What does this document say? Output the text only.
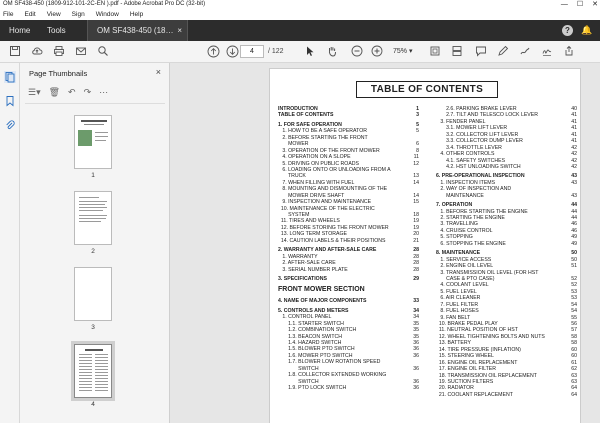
OM SF438-450 (1809-912-101-2C-EN ).pdf - Adobe Acrobat Pro DC (32-bit)	— ☐ ✕
File Edit View Sign Window Help
Home	Tools	OM SF438-450 (18… ×	?	🔔
4	/ 122	75% ▾
Page Thumbnails	×
☰▾ 🗑 ↶ ↷ ⋯
1
2
3
4
TABLE OF CONTENTS
INTRODUCTION	1
TABLE OF CONTENTS	3
1. FOR SAFE OPERATION	5
1. HOW TO BE A SAFE OPERATOR	5
2. BEFORE STARTING THE FRONT
MOWER	6
3. OPERATION OF THE FRONT MOWER	8
4. OPERATION ON A SLOPE	11
5. DRIVING ON PUBLIC ROADS	12
6. LOADING ONTO OR UNLOADING FROM A
TRUCK	13
7. WHEN FILLING WITH FUEL	14
8. MOUNTING AND DISMOUNTING OF THE
MOWER DRIVE SHAFT	14
9. INSPECTION AND MAINTENANCE	15
10. MAINTENANCE OF THE ELECTRIC
SYSTEM	18
11. TIRES AND WHEELS	19
12. BEFORE STORING THE FRONT MOWER	19
13. LONG TERM STORAGE	20
14. CAUTION LABELS & THEIR POSITIONS	21
2. WARRANTY AND AFTER-SALE CARE	28
1. WARRANTY	28
2. AFTER-SALE CARE	28
3. SERIAL NUMBER PLATE	28
3. SPECIFICATIONS	29
FRONT MOWER SECTION
4. NAME OF MAJOR COMPONENTS	33
5. CONTROLS AND METERS	34
1. CONTROL PANEL	34
1.1. STARTER SWITCH	35
1.2. COMBINATION SWITCH	35
1.3. BEACON SWITCH	35
1.4. HAZARD SWITCH	36
1.5. BLOWER PTO SWITCH	36
1.6. MOWER PTO SWITCH	36
1.7. BLOWER LOW ROTATION SPEED
SWITCH	36
1.8. COLLECTOR EXTENDED WORKING
SWITCH	36
1.9. PTO LOCK SWITCH	36
2.6. PARKING BRAKE LEVER	40
2.7. TILT AND TELESCO LOCK LEVER	41
3. FENDER PANEL	41
3.1. MOWER LIFT LEVER	41
3.2. COLLECTOR LIFT LEVER	41
3.3. COLLECTOR DUMP LEVER	41
3.4. THROTTLE LEVER	42
4. OTHER CONTROLS	42
4.1. SAFETY SWITCHES	42
4.2. HST UNLOADING SWITCH	42
6. PRE-OPERATIONAL INSPECTION	43
1. INSPECTION ITEMS	43
2. WAY OF INSPECTION AND
MAINTENANCE	43
7. OPERATION	44
1. BEFORE STARTING THE ENGINE	44
2. STARTING THE ENGINE	44
3. TRAVELLING	46
4. CRUISE CONTROL	46
5. STOPPING	49
6. STOPPING THE ENGINE	49
8. MAINTENANCE	50
1. SERVICE ACCESS	50
2. ENGINE OIL LEVEL	51
3. TRANSMISSION OIL LEVEL (FOR HST
CASE & PTO CASE)	52
4. COOLANT LEVEL	52
5. FUEL LEVEL	53
6. AIR CLEANER	53
7. FUEL FILTER	54
8. FUEL HOSES	54
9. FAN BELT	55
10. BRAKE PEDAL PLAY	56
11. NEUTRAL POSITION OF HST	57
12. WHEEL TIGHTENING BOLTS AND NUTS	58
13. BATTERY	58
14. TIRE PRESSURE (INFLATION)	60
15. STEERING WHEEL	60
16. ENGINE OIL REPLACEMENT	61
17. ENGINE OIL FILTER	62
18. TRANSMISSION OIL REPLACEMENT	63
19. SUCTION FILTERS	63
20. RADIATOR	64
21. COOLANT REPLACEMENT	64
